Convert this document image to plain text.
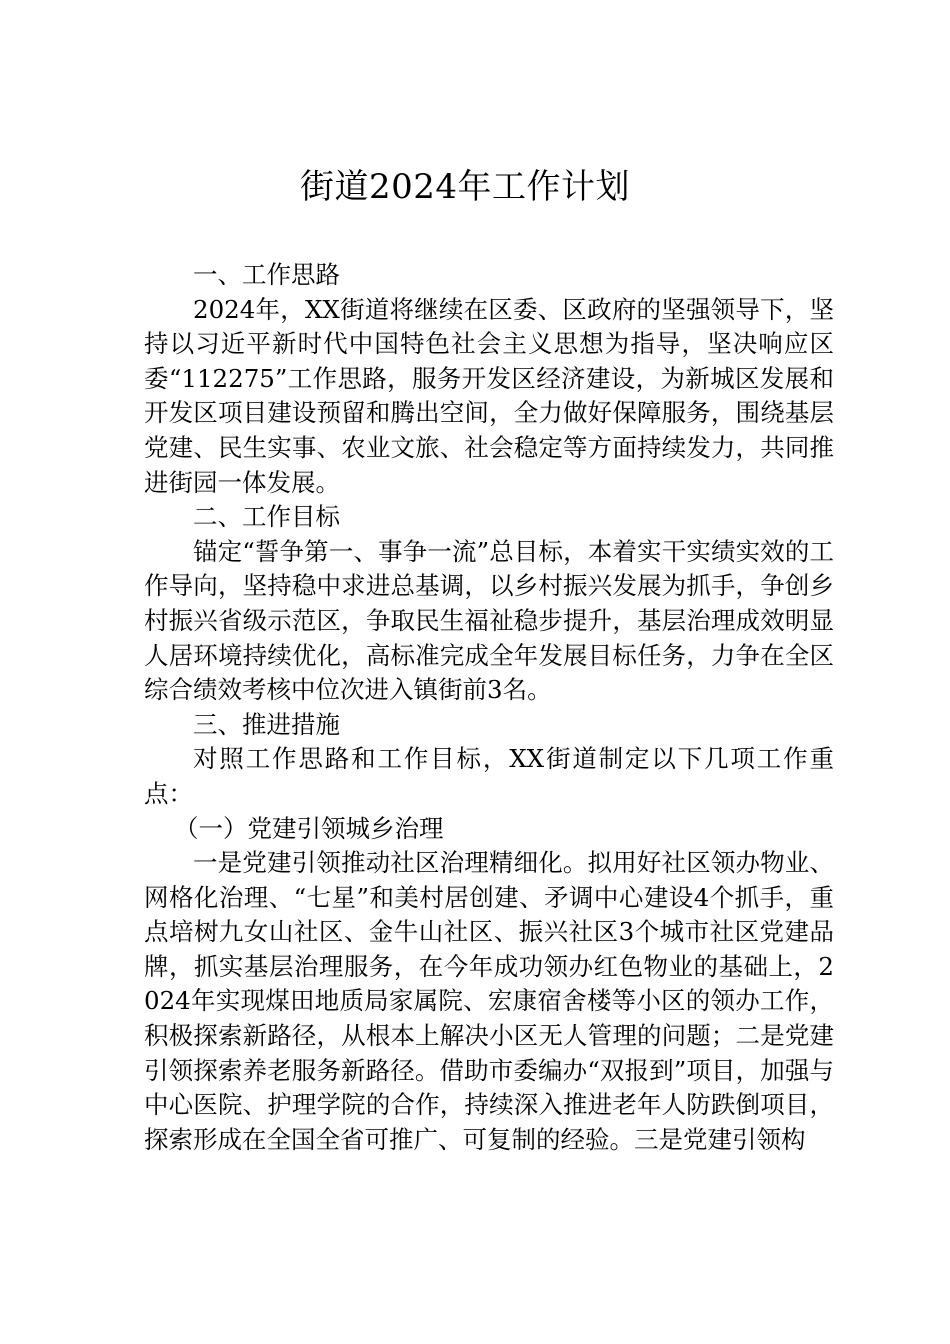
街道2024年工作计划

一、工作思路

2024年，XX街道将继续在区委、区政府的坚强领导下，坚持以习近平新时代中国特色社会主义思想为指导，坚决响应区委“112275”工作思路，服务开发区经济建设，为新城区发展和开发区项目建设预留和腾出空间，全力做好保障服务，围绕基层党建、民生实事、农业文旅、社会稳定等方面持续发力，共同推进街园一体发展。

二、工作目标

锚定“誓争第一、事争一流”总目标，本着实干实绩实效的工作导向，坚持稳中求进总基调，以乡村振兴发展为抓手，争创乡村振兴省级示范区，争取民生福祉稳步提升，基层治理成效明显人居环境持续优化，高标准完成全年发展目标任务，力争在全区综合绩效考核中位次进入镇街前3名。

三、推进措施

对照工作思路和工作目标，XX街道制定以下几项工作重点：

（一）党建引领城乡治理

一是党建引领推动社区治理精细化。拟用好社区领办物业、网格化治理、“七星”和美村居创建、矛调中心建设4个抓手，重点培树九女山社区、金牛山社区、振兴社区3个城市社区党建品牌，抓实基层治理服务，在今年成功领办红色物业的基础上，2024年实现煤田地质局家属院、宏康宿舍楼等小区的领办工作，积极探索新路径，从根本上解决小区无人管理的问题；二是党建引领探索养老服务新路径。借助市委编办“双报到”项目，加强与中心医院、护理学院的合作，持续深入推进老年人防跌倒项目，探索形成在全国全省可推广、可复制的经验。三是党建引领构
